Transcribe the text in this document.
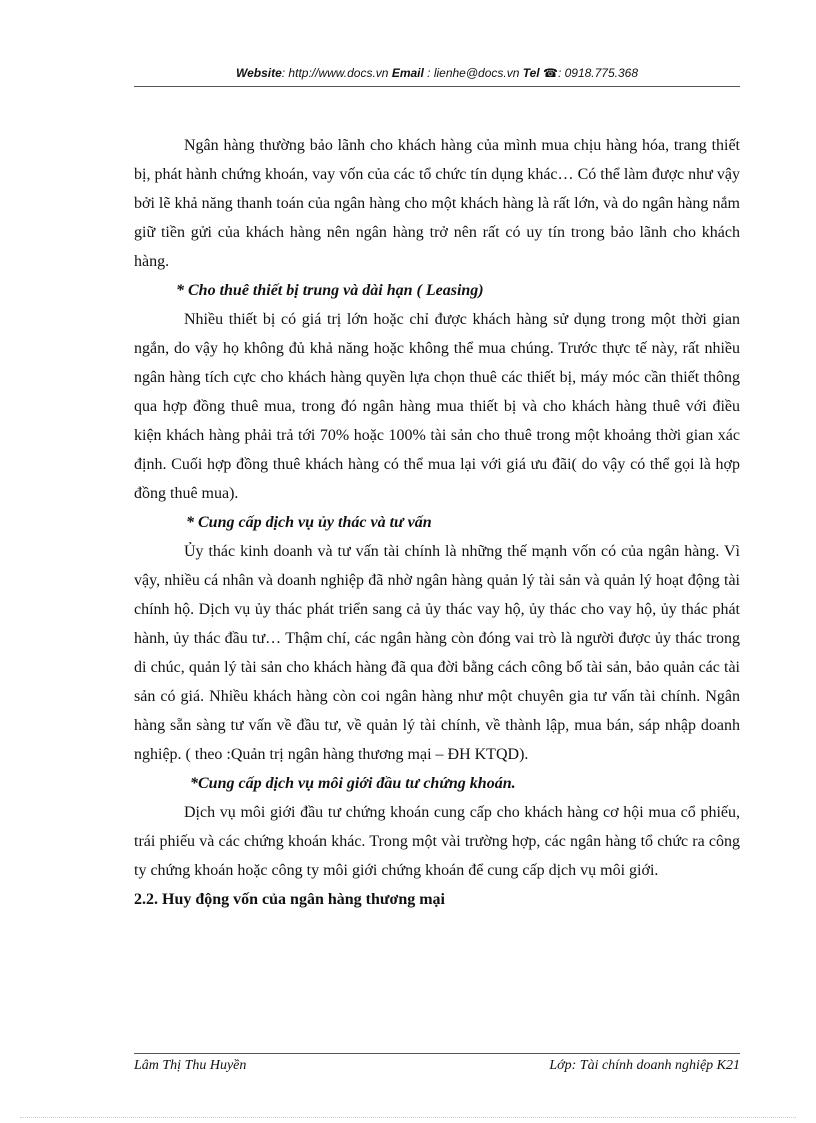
Website: http://www.docs.vn Email : lienhe@docs.vn Tel ☎: 0918.775.368

Ngân hàng thường bảo lãnh cho khách hàng của mình mua chịu hàng hóa, trang thiết bị, phát hành chứng khoán, vay vốn của các tổ chức tín dụng khác… Có thể làm được như vậy bởi lẽ khả năng thanh toán của ngân hàng cho một khách hàng là rất lớn, và do ngân hàng nắm giữ tiền gửi của khách hàng nên ngân hàng trở nên rất có uy tín trong bảo lãnh cho khách hàng.

* Cho thuê thiết bị trung và dài hạn ( Leasing)

Nhiều thiết bị có giá trị lớn hoặc chỉ được khách hàng sử dụng trong một thời gian ngắn, do vậy họ không đủ khả năng hoặc không thể mua chúng. Trước thực tế này, rất nhiều ngân hàng tích cực cho khách hàng quyền lựa chọn thuê các thiết bị, máy móc cần thiết thông qua hợp đồng thuê mua, trong đó ngân hàng mua thiết bị và cho khách hàng thuê với điều kiện khách hàng phải trả tới 70% hoặc 100% tài sản cho thuê trong một khoảng thời gian xác định. Cuối hợp đồng thuê khách hàng có thể mua lại với giá ưu đãi( do vậy có thể gọi là hợp đồng thuê mua).

* Cung cấp dịch vụ ủy thác và tư vấn

Ủy thác kinh doanh và tư vấn tài chính là những thế mạnh vốn có của ngân hàng. Vì vậy, nhiều cá nhân và doanh nghiệp đã nhờ ngân hàng quản lý tài sản và quản lý hoạt động tài chính hộ. Dịch vụ ủy thác phát triển sang cả ủy thác vay hộ, ủy thác cho vay hộ, ủy thác phát hành, ủy thác đầu tư… Thậm chí, các ngân hàng còn đóng vai trò là người được ủy thác trong di chúc, quản lý tài sản cho khách hàng đã qua đời bằng cách công bố tài sản, bảo quản các tài sản có giá. Nhiều khách hàng còn coi ngân hàng như một chuyên gia tư vấn tài chính. Ngân hàng sẵn sàng tư vấn về đầu tư, về quản lý tài chính, về thành lập, mua bán, sáp nhập doanh nghiệp. ( theo :Quản trị ngân hàng thương mại – ĐH KTQD).

*Cung cấp dịch vụ môi giới đầu tư chứng khoán.

Dịch vụ môi giới đầu tư chứng khoán cung cấp cho khách hàng cơ hội mua cổ phiếu, trái phiếu và các chứng khoán khác. Trong một vài trường hợp, các ngân hàng tổ chức ra công ty chứng khoán hoặc công ty môi giới chứng khoán để cung cấp dịch vụ môi giới.

2.2. Huy động vốn của ngân hàng thương mại

Lâm Thị Thu Huyền	Lớp: Tài chính doanh nghiệp K21
